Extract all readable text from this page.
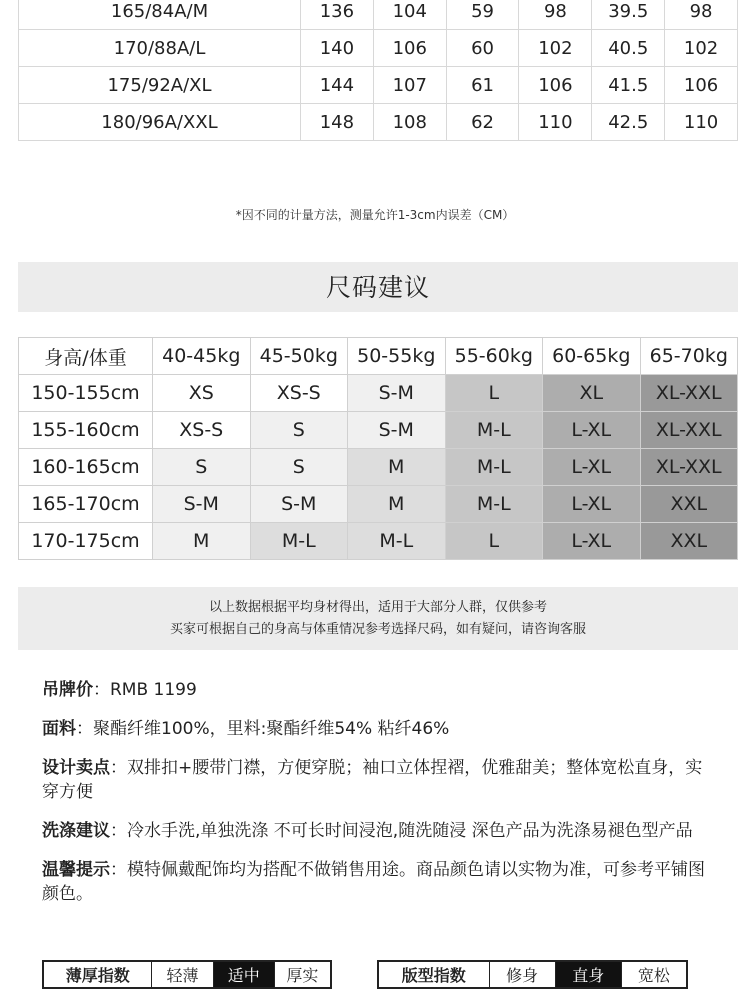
165/84A/M	136	104	59	98	39.5	98
170/88A/L	140	106	60	102	40.5	102
175/92A/XL	144	107	61	106	41.5	106
180/96A/XXL	148	108	62	110	42.5	110
*因不同的计量方法，测量允许1-3cm内误差（CM）
尺码建议
身高/体重	40-45kg	45-50kg	50-55kg	55-60kg	60-65kg	65-70kg
150-155cm	XS	XS-S	S-M	L	XL	XL-XXL
155-160cm	XS-S	S	S-M	M-L	L-XL	XL-XXL
160-165cm	S	S	M	M-L	L-XL	XL-XXL
165-170cm	S-M	S-M	M	M-L	L-XL	XXL
170-175cm	M	M-L	M-L	L	L-XL	XXL
以上数据根据平均身材得出，适用于大部分人群，仅供参考
买家可根据自己的身高与体重情况参考选择尺码，如有疑问，请咨询客服

吊牌价：RMB 1199

面料：聚酯纤维100%，里料:聚酯纤维54% 粘纤46%

设计卖点：双排扣+腰带门襟，方便穿脱；袖口立体捏褶，优雅甜美；整体宽松直身，实穿方便

洗涤建议：冷水手洗,单独洗涤 不可长时间浸泡,随洗随浸 深色产品为洗涤易褪色型产品

温馨提示：模特佩戴配饰均为搭配不做销售用途。商品颜色请以实物为准，可参考平铺图颜色。

薄厚指数	轻薄	适中	厚实	版型指数	修身	直身	宽松
